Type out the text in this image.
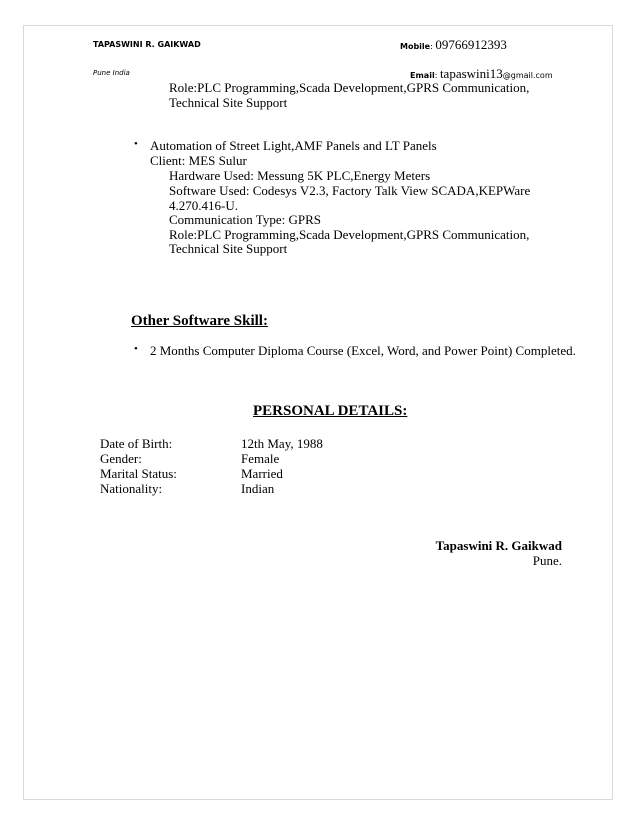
TAPASWINI R. GAIKWAD	Mobile: 09766912393
Pune India	Email: tapaswini13@gmail.com
Role:PLC Programming,Scada Development,GPRS Communication,
Technical Site Support
• Automation of Street Light,AMF Panels and LT Panels
Client: MES Sulur
Hardware Used: Messung 5K PLC,Energy Meters
Software Used: Codesys V2.3, Factory Talk View SCADA,KEPWare
4.270.416-U.
Communication Type: GPRS
Role:PLC Programming,Scada Development,GPRS Communication,
Technical Site Support
Other Software Skill:
• 2 Months Computer Diploma Course (Excel, Word, and Power Point) Completed.
PERSONAL DETAILS:
Date of Birth:	12th May, 1988
Gender:	Female
Marital Status:	Married
Nationality:	Indian
Tapaswini R. Gaikwad
Pune.
